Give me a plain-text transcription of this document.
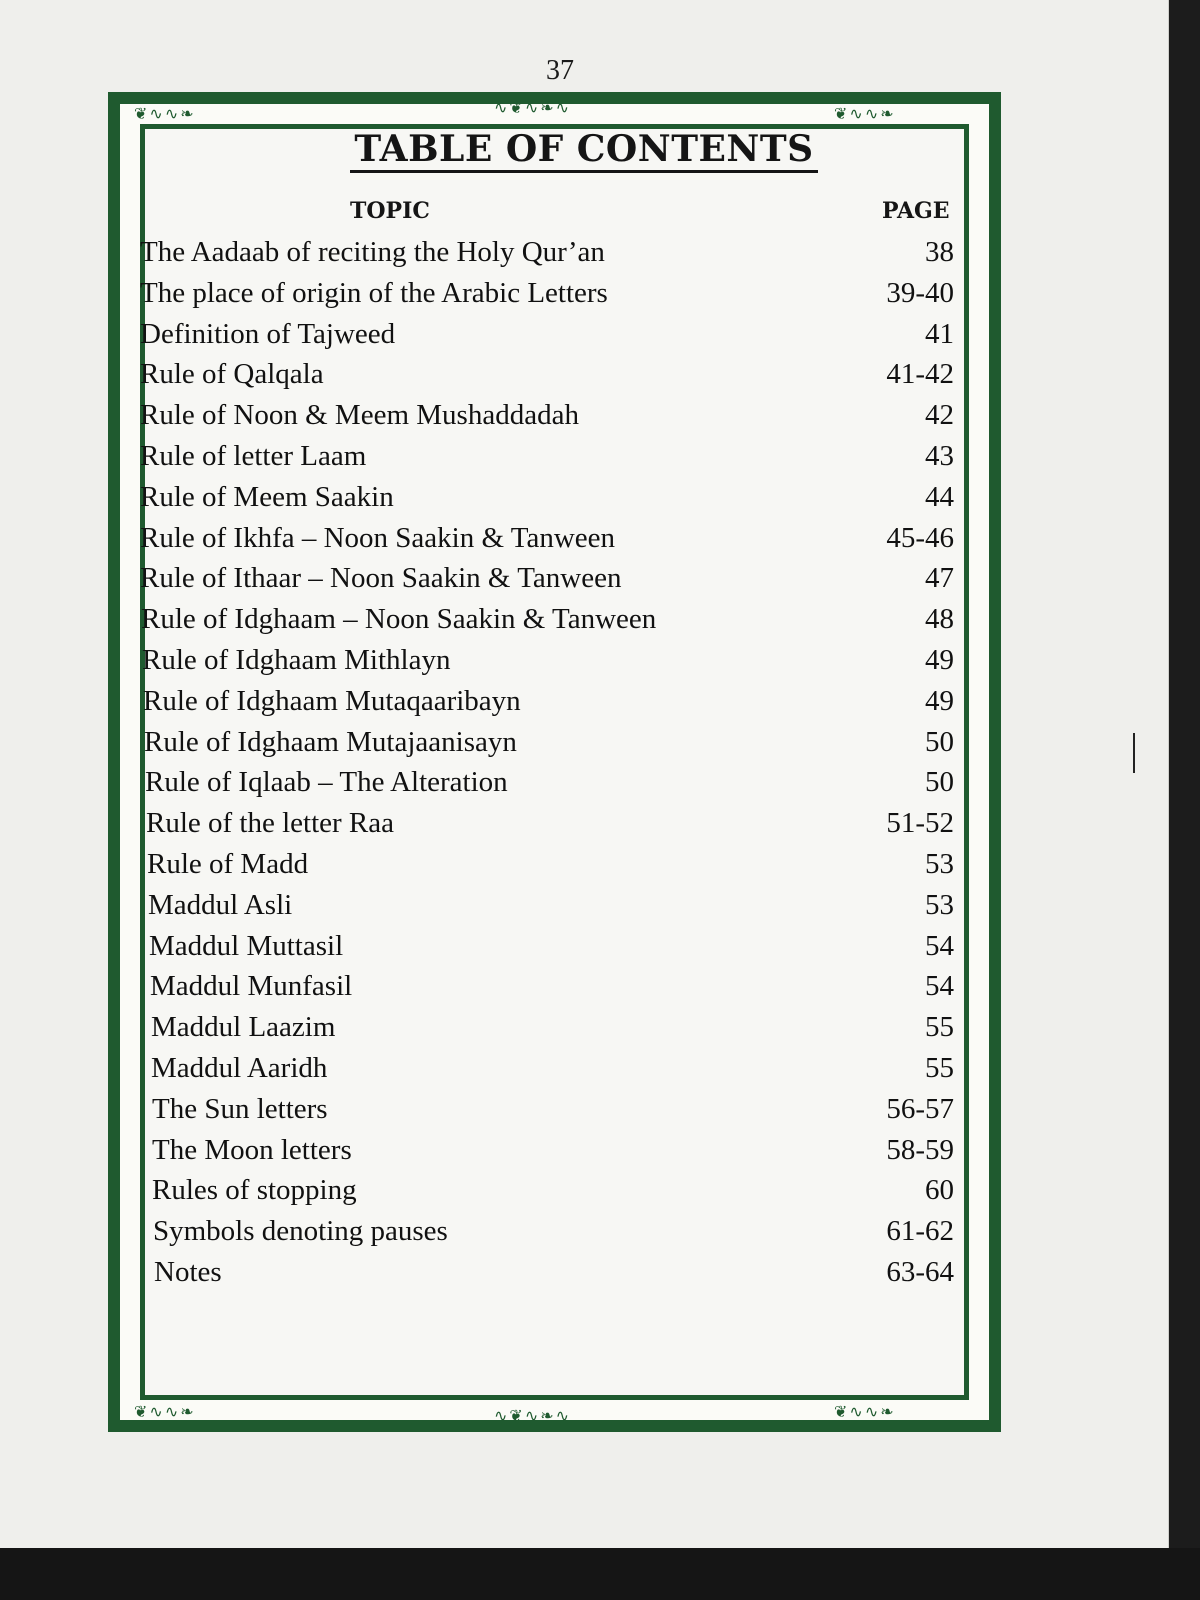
37
❦∿∿❧	∿❦∿❧∿	❦∿∿❧
❦∿∿❧	∿❦∿❧∿	❦∿∿❧
TABLE OF CONTENTS
TOPIC	PAGE
The Aadaab of reciting the Holy Qur’an	38
The place of origin of the Arabic Letters	39-40
Definition of Tajweed	41
Rule of Qalqala	41-42
Rule of Noon & Meem Mushaddadah	42
Rule of letter Laam	43
Rule of Meem Saakin	44
Rule of Ikhfa – Noon Saakin & Tanween	45-46
Rule of Ithaar – Noon Saakin & Tanween	47
Rule of Idghaam – Noon Saakin & Tanween	48
Rule of Idghaam Mithlayn	49
Rule of Idghaam Mutaqaaribayn	49
Rule of Idghaam Mutajaanisayn	50
Rule of Iqlaab – The Alteration	50
Rule of the letter Raa	51-52
Rule of Madd	53
Maddul Asli	53
Maddul Muttasil	54
Maddul Munfasil	54
Maddul Laazim	55
Maddul Aaridh	55
The Sun letters	56-57
The Moon letters	58-59
Rules of stopping	60
Symbols denoting pauses	61-62
Notes	63-64
